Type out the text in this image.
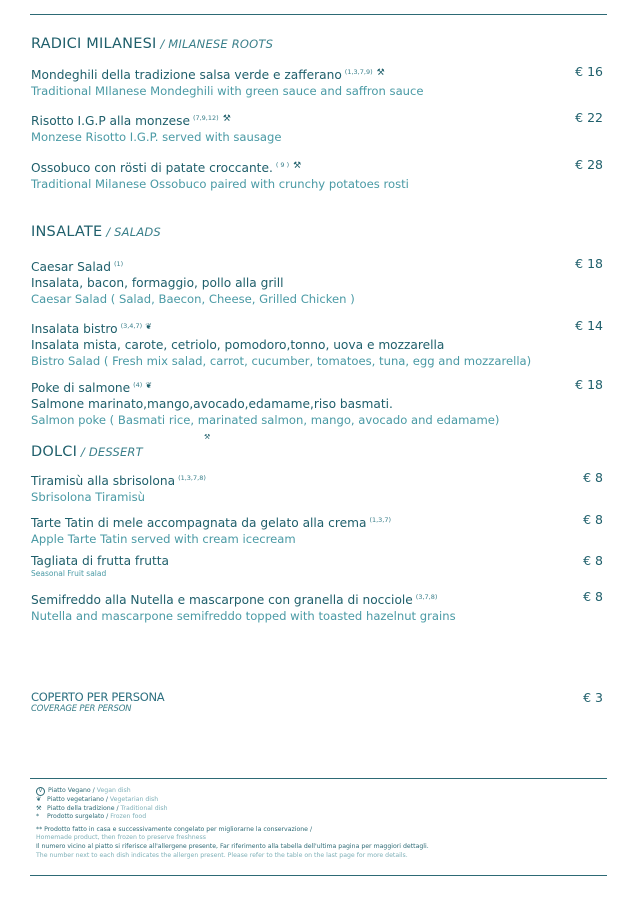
RADICI MILANESI / MILANESE ROOTS
Mondeghili della tradizione salsa verde e zafferano $^{(1,3,7,9)}$ ⚒
Traditional MIlanese Mondeghili with green sauce and saffron sauce
€ 16
Risotto I.G.P alla monzese $^{(7,9,12)}$ ⚒
Monzese Risotto I.G.P. served with sausage
€ 22
Ossobuco con rösti di patate croccante. $^{( 9 )}$ ⚒
Traditional Milanese Ossobuco paired with crunchy potatoes rosti
€ 28
INSALATE / SALADS
Caesar Salad $^{(1)}$
Insalata, bacon, formaggio, pollo alla grill
Caesar Salad ( Salad, Baecon, Cheese, Grilled Chicken )
€ 18
Insalata bistro $^{(3,4,7)}$ ❦
Insalata mista, carote, cetriolo, pomodoro,tonno, uova e mozzarella
Bistro Salad ( Fresh mix salad, carrot, cucumber, tomatoes, tuna, egg and mozzarella)
€ 14
Poke di salmone $^{(4)}$ ❦
Salmone marinato,mango,avocado,edamame,riso basmati.
Salmon poke ( Basmati rice, marinated salmon, mango, avocado and edamame)
€ 18
⚒
DOLCI / DESSERT
Tiramisù alla sbrisolona $^{(1,3,7,8)}$
Sbrisolona Tiramisù
€ 8
Tarte Tatin di mele accompagnata da gelato alla crema $^{(1,3,7)}$
Apple Tarte Tatin served with cream icecream
€ 8
Tagliata di frutta frutta
Seasonal Fruit salad
€ 8
Semifreddo alla Nutella e mascarpone con granella di nocciole $^{(3,7,8)}$
Nutella and mascarpone semifreddo topped with toasted hazelnut grains
€ 8
COPERTO PER PERSONA
COVERAGE PER PERSON
€ 3
V Piatto Vegano / Vegan dish
❦ Piatto vegetariano / Vegetarian dish
⚒ Piatto della tradizione / Traditional dish
* Prodotto surgelato / Frozen food
** Prodotto fatto in casa e successivamente congelato per migliorarne la conservazione /
Homemade product, then frozen to preserve freshness
Il numero vicino al piatto si riferisce all'allergene presente, Far riferimento alla tabella dell'ultima pagina per maggiori dettagli.
The number next to each dish indicates the allergen present. Please refer to the table on the last page for more details.
